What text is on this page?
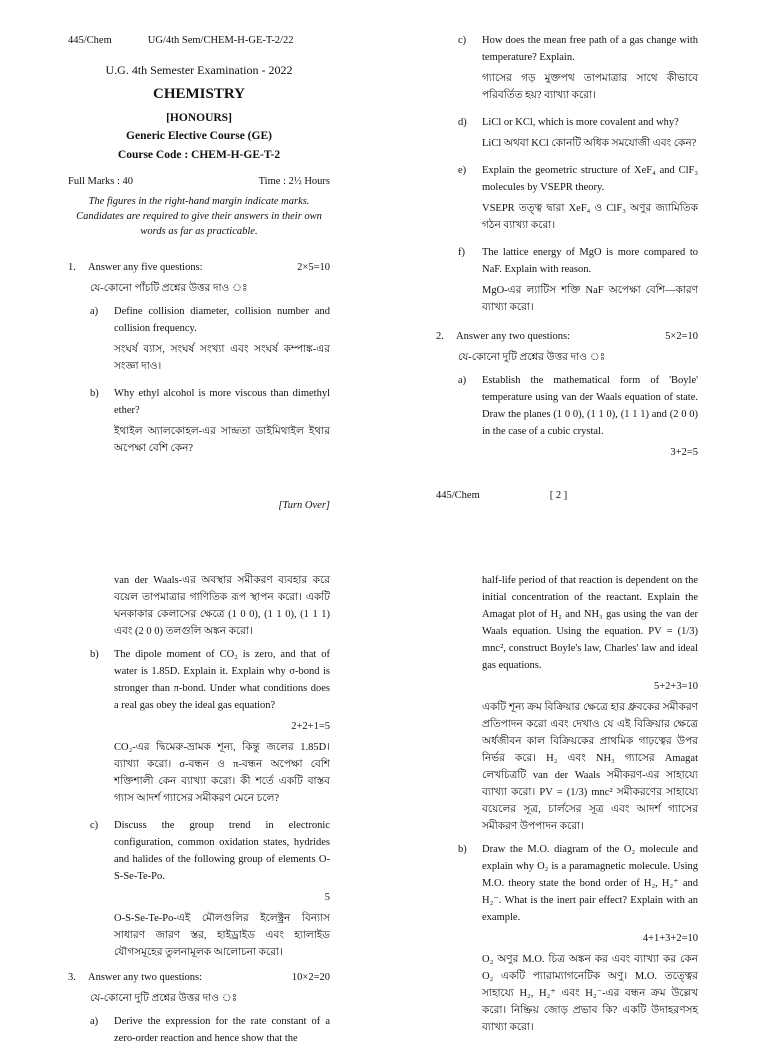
445/Chem	UG/4th Sem/CHEM-H-GE-T-2/22
U.G. 4th Semester Examination - 2022
CHEMISTRY
[HONOURS]
Generic Elective Course (GE)
Course Code : CHEM-H-GE-T-2
Full Marks : 40	Time : 2½ Hours
The figures in the right-hand margin indicate marks. Candidates are required to give their answers in their own words as far as practicable.
1.	Answer any five questions:	2×5=10
যে-কোনো পাঁচটি প্রশ্নের উত্তর দাও ঃ
a)	Define collision diameter, collision number and collision frequency.

সংঘর্ষ ব্যাস, সংঘর্ষ সংখ্যা এবং সংঘর্ষ কম্পাঙ্ক-এর সংজ্ঞা দাও।

b)	Why ethyl alcohol is more viscous than dimethyl ether?

ইথাইল অ্যালকোহল-এর সান্দ্রতা ডাইমিথাইল ইথার অপেক্ষা বেশি কেন?

[Turn Over]
c)	How does the mean free path of a gas change with temperature? Explain.

গ্যাসের গড় মুক্তপথ তাপমাত্রার সাথে কীভাবে পরিবর্তিত হয়? ব্যাখ্যা করো।

d)	LiCl or KCl, which is more covalent and why?

LiCl অথবা KCl কোনটি অধিক সমযোজী এবং কেন?

e)	Explain the geometric structure of XeF₄ and ClF₃ molecules by VSEPR theory.

VSEPR তত্ত্ব দ্বারা XeF₄ ও ClF₃ অণুর জ্যামিতিক গঠন ব্যাখ্যা করো।

f)	The lattice energy of MgO is more compared to NaF. Explain with reason.

MgO-এর ল্যাটিস শক্তি NaF অপেক্ষা বেশি—কারণ ব্যাখ্যা করো।

2.	Answer any two questions:	5×2=10
যে-কোনো দুটি প্রশ্নের উত্তর দাও ঃ
a)	Establish the mathematical form of 'Boyle' temperature using van der Waals equation of state. Draw the planes (1 0 0), (1 1 0), (1 1 1) and (2 0 0) in the case of a cubic crystal.

3+2=5

445/Chem	[ 2 ]

van der Waals-এর অবস্থার সমীকরণ ব্যবহার করে বয়েল তাপমাত্রার গাণিতিক রূপ স্থাপন করো। একটি ঘনকাকার কেলাসের ক্ষেত্রে (1 0 0), (1 1 0), (1 1 1) এবং (2 0 0) তলগুলি অঙ্কন করো।

b)	The dipole moment of CO₂ is zero, and that of water is 1.85D. Explain it. Explain why σ-bond is stronger than π-bond. Under what conditions does a real gas obey the ideal gas equation?

2+2+1=5

CO₂-এর দ্বিমেরু-ভ্রামক শূন্য, কিন্তু জলের 1.85D। ব্যাখ্যা করো। σ-বন্ধন ও π-বন্ধন অপেক্ষা বেশি শক্তিশালী কেন ব্যাখ্যা করো। কী শর্তে একটি বাস্তব গ্যাস আদর্শ গ্যাসের সমীকরণ মেনে চলে?

c)	Discuss the group trend in electronic configuration, common oxidation states, hydrides and halides of the following group of elements O-S-Se-Te-Po.

5

O-S-Se-Te-Po-এই মৌলগুলির ইলেক্ট্রন বিন্যাস সাধারণ জারণ স্তর, হাইড্রাইড এবং হ্যালাইড যৌগসমূহের তুলনামূলক আলোচনা করো।

3.	Answer any two questions:	10×2=20
যে-কোনো দুটি প্রশ্নের উত্তর দাও ঃ
a)	Derive the expression for the rate constant of a zero-order reaction and hence show that the

half-life period of that reaction is dependent on the initial concentration of the reactant. Explain the Amagat plot of H₂ and NH₃ gas using the van der Waals equation. Using the equation. PV = (1/3) mnc², construct Boyle's law, Charles' law and ideal gas equations.

5+2+3=10

একটি শূন্য ক্রম বিক্রিয়ার ক্ষেত্রে হার ধ্রুবকের সমীকরণ প্রতিপাদন করো এবং দেখাও যে এই বিক্রিয়ার ক্ষেত্রে অর্ধজীবন কাল বিক্রিয়কের প্রাথমিক গাঢ়ত্বের উপর নির্ভর করে। H₂ এবং NH₃ গ্যাসের Amagat লেখচিত্রটি van der Waals সমীকরণ-এর সাহায্যে ব্যাখ্যা করো। PV = (1/3) mnc² সমীকরণের সাহায্যে বয়েলের সূত্র, চার্লসের সূত্র এবং আদর্শ গ্যাসের সমীকরণ উপপাদন করো।

b)	Draw the M.O. diagram of the O₂ molecule and explain why O₂ is a paramagnetic molecule. Using M.O. theory state the bond order of H₂, H₂⁺ and H₂⁻. What is the inert pair effect? Explain with an example.

4+1+3+2=10

O₂ অণুর M.O. চিত্র অঙ্কন কর এবং ব্যাখ্যা কর কেন O₂ একটি প্যারাম্যাগনেটিক অণু। M.O. তত্ত্বের সাহায্যে H₂, H₂⁺ এবং H₂⁻-এর বন্ধন ক্রম উল্লেখ করো। নিষ্ক্রিয় জোড় প্রভাব কি? একটি উদাহরণসহ ব্যাখ্যা করো।
